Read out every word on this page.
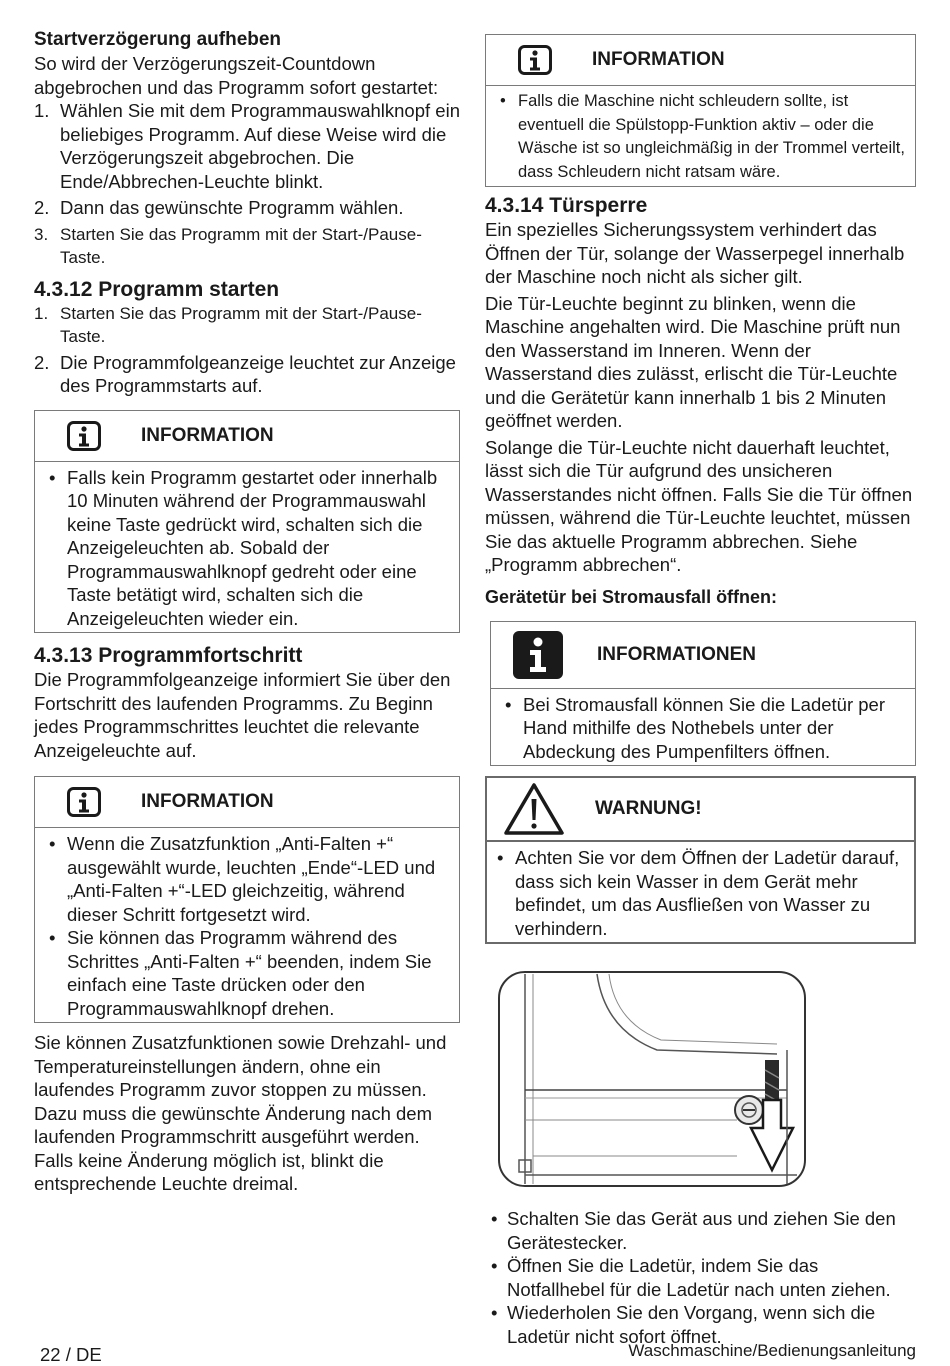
Startverzögerung aufheben

So wird der Verzögerungszeit-Countdown abgebrochen und das Programm sofort gestartet:

1. Wählen Sie mit dem Programmauswahlknopf ein beliebiges Programm. Auf diese Weise wird die Verzögerungszeit abgebrochen. Die Ende/Abbrechen-Leuchte blinkt.
2. Dann das gewünschte Programm wählen.
3. Starten Sie das Programm mit der Start-/Pause-Taste.

4.3.12 Programm starten

1. Starten Sie das Programm mit der Start-/Pause-Taste.
2. Die Programmfolgeanzeige leuchtet zur Anzeige des Programmstarts auf.
INFORMATION
• Falls kein Programm gestartet oder innerhalb 10 Minuten während der Programmauswahl keine Taste gedrückt wird, schalten sich die Anzeigeleuchten ab. Sobald der Programmauswahlknopf gedreht oder eine Taste betätigt wird, schalten sich die Anzeigeleuchten wieder ein.

4.3.13 Programmfortschritt

Die Programmfolgeanzeige informiert Sie über den Fortschritt des laufenden Programms. Zu Beginn jedes Programmschrittes leuchtet die relevante Anzeigeleuchte auf.

INFORMATION
• Wenn die Zusatzfunktion „Anti-Falten +“ ausgewählt wurde, leuchten „Ende“-LED und „Anti-Falten +“-LED gleichzeitig, während dieser Schritt fortgesetzt wird.
• Sie können das Programm während des Schrittes „Anti-Falten +“ beenden, indem Sie einfach eine Taste drücken oder den Programmauswahlknopf drehen.

Sie können Zusatzfunktionen sowie Drehzahl- und Temperatureinstellungen ändern, ohne ein laufendes Programm zuvor stoppen zu müssen. Dazu muss die gewünschte Änderung nach dem laufenden Programmschritt ausgeführt werden. Falls keine Änderung möglich ist, blinkt die entsprechende Leuchte dreimal.

INFORMATION
• Falls die Maschine nicht schleudern sollte, ist eventuell die Spülstopp-Funktion aktiv – oder die Wäsche ist so ungleichmäßig in der Trommel verteilt, dass Schleudern nicht ratsam wäre.

4.3.14 Türsperre

Ein spezielles Sicherungssystem verhindert das Öffnen der Tür, solange der Wasserpegel innerhalb der Maschine noch nicht als sicher gilt.

Die Tür-Leuchte beginnt zu blinken, wenn die Maschine angehalten wird. Die Maschine prüft nun den Wasserstand im Inneren. Wenn der Wasserstand dies zulässt, erlischt die Tür-Leuchte und die Gerätetür kann innerhalb 1 bis 2 Minuten geöffnet werden.

Solange die Tür-Leuchte nicht dauerhaft leuchtet, lässt sich die Tür aufgrund des unsicheren Wasserstandes nicht öffnen. Falls Sie die Tür öffnen müssen, während die Tür-Leuchte leuchtet, müssen Sie das aktuelle Programm abbrechen. Siehe „Programm abbrechen“.

Gerätetür bei Stromausfall öffnen:

INFORMATIONEN
• Bei Stromausfall können Sie die Ladetür per Hand mithilfe des Nothebels unter der Abdeckung des Pumpenfilters öffnen.
WARNUNG!
• Achten Sie vor dem Öffnen der Ladetür darauf, dass sich kein Wasser in dem Gerät mehr befindet, um das Ausfließen von Wasser zu verhindern.
• Schalten Sie das Gerät aus und ziehen Sie den Gerätestecker.
• Öffnen Sie die Ladetür, indem Sie das Notfallhebel für die Ladetür nach unten ziehen.
• Wiederholen Sie den Vorgang, wenn sich die Ladetür nicht sofort öffnet.
22 / DE	Waschmaschine/Bedienungsanleitung
